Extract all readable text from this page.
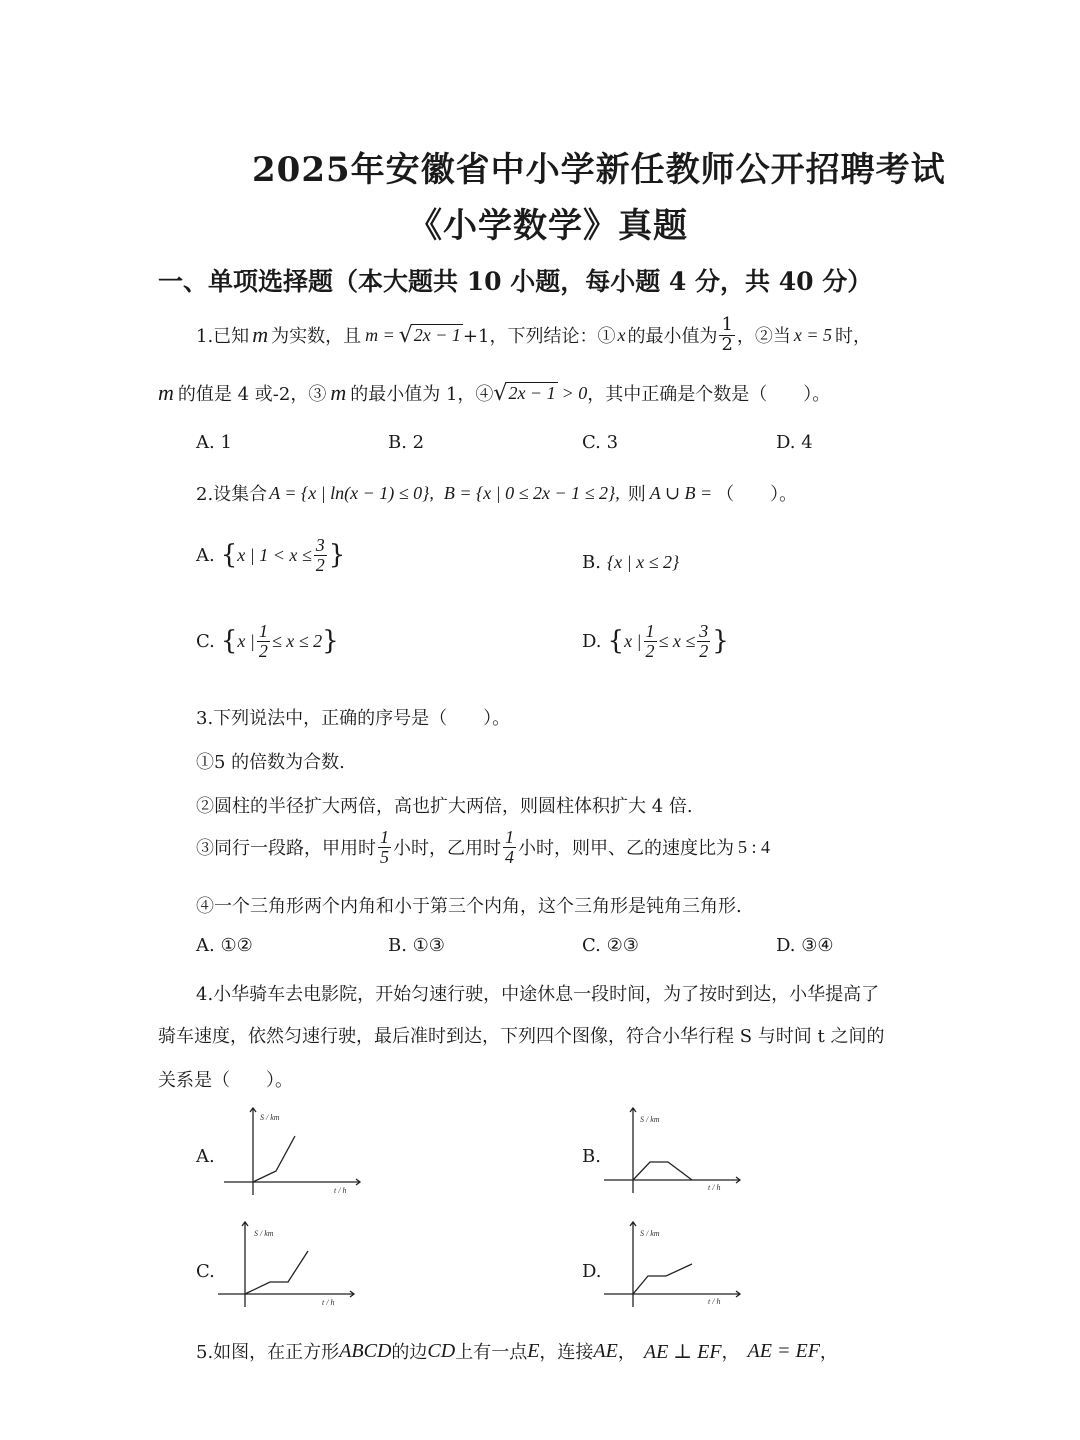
2025年安徽省中小学新任教师公开招聘考试
《小学数学》真题
一、单项选择题（本大题共 10 小题，每小题 4 分，共 40 分）
1.已知 m 为实数，且 m = √ 2x − 1 +1，下列结论：① x 的最小值为 $\frac{1}{2}$ ，②当 x = 5 时，
m 的值是 4 或-2，③ m 的最小值为 1，④ √ 2x − 1 > 0 ，其中正确是个数是（　　）。
A. 1	B. 2	C. 3	D. 4
2.设集合 A = {x | ln(x − 1) ≤ 0}, B = {x | 0 ≤ 2x − 1 ≤ 2}, 则 A ∪ B = （　　）。
A. { x | $1 < x \le \frac{3}{2}$ }	B. {x | x ≤ 2}
C. { x | $\frac{1}{2} \le x \le 2$ }	D. { x | $\frac{1}{2} \le x \le \frac{3}{2}$ }
3.下列说法中，正确的序号是（　　）。
①5 的倍数为合数.
②圆柱的半径扩大两倍，高也扩大两倍，则圆柱体积扩大 4 倍.
③同行一段路，甲用时 $\frac{1}{5}$ 小时，乙用时 $\frac{1}{4}$ 小时，则甲、乙的速度比为 5 : 4
④一个三角形两个内角和小于第三个内角，这个三角形是钝角三角形.
A. ①②	B. ①③	C. ②③	D. ③④
4.小华骑车去电影院，开始匀速行驶，中途休息一段时间，为了按时到达，小华提高了
骑车速度，依然匀速行驶，最后准时到达，下列四个图像，符合小华行程 S 与时间 t 之间的
关系是（　　）。
A.	B.
C.	D.
S / km
t / h
S / km
t / h
S / km
t / h
S / km
t / h
5.如图，在正方形 ABCD 的边 CD 上有一点 E ，连接 AE ， AE ⊥ EF ， AE = EF ，
